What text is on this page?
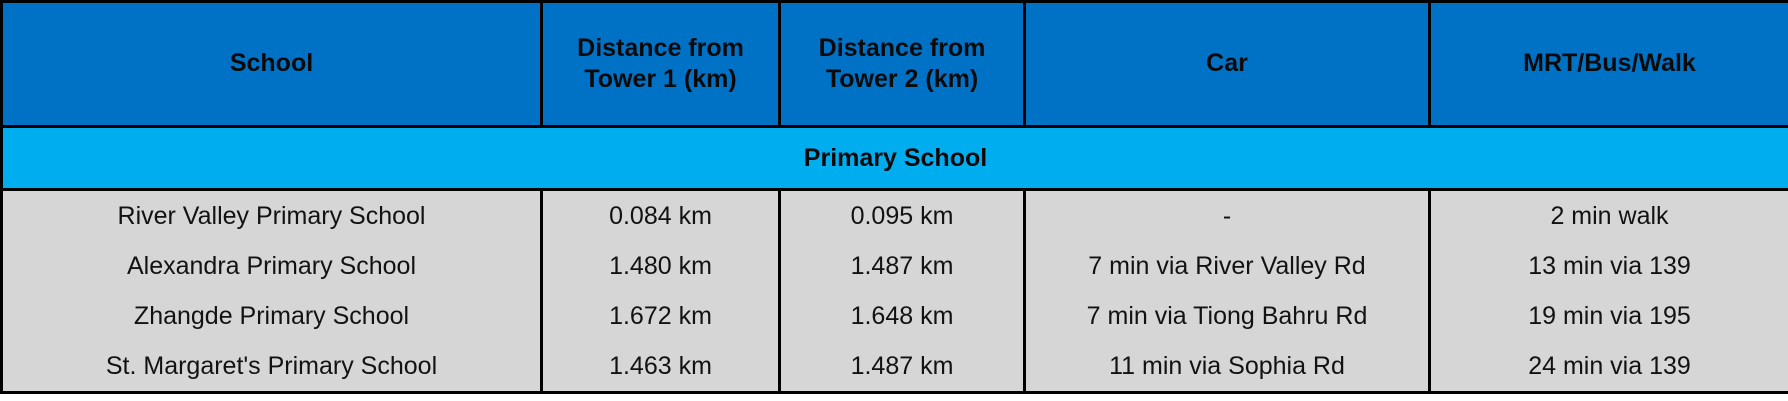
School	Distance from Tower 1 (km)	Distance from Tower 2 (km)	Car	MRT/Bus/Walk
Primary School				
River Valley Primary School	0.084 km	0.095 km	-	2 min walk
Alexandra Primary School	1.480 km	1.487 km	7 min via River Valley Rd	13 min via 139
Zhangde Primary School	1.672 km	1.648 km	7 min via Tiong Bahru Rd	19 min via 195
St. Margaret's Primary School	1.463 km	1.487 km	11 min via Sophia Rd	24 min via 139
